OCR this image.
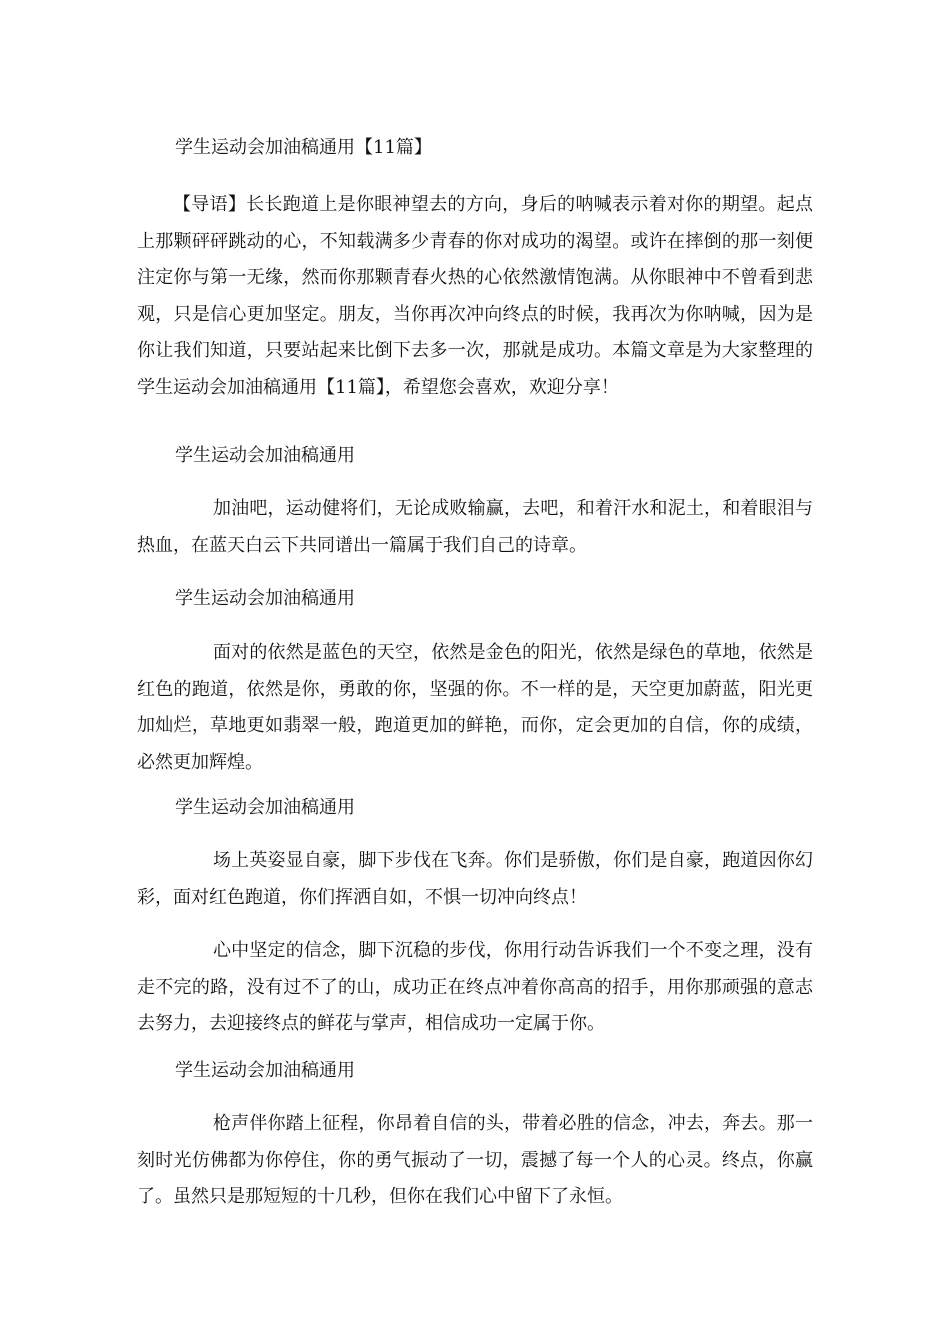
学生运动会加油稿通用【11篇】

【导语】长长跑道上是你眼神望去的方向，身后的呐喊表示着对你的期望。起点上那颗砰砰跳动的心，不知载满多少青春的你对成功的渴望。或许在摔倒的那一刻便注定你与第一无缘，然而你那颗青春火热的心依然激情饱满。从你眼神中不曾看到悲观，只是信心更加坚定。朋友，当你再次冲向终点的时候，我再次为你呐喊，因为是你让我们知道，只要站起来比倒下去多一次，那就是成功。本篇文章是为大家整理的学生运动会加油稿通用【11篇】，希望您会喜欢，欢迎分享！

学生运动会加油稿通用

加油吧，运动健将们，无论成败输赢，去吧，和着汗水和泥土，和着眼泪与热血，在蓝天白云下共同谱出一篇属于我们自己的诗章。

学生运动会加油稿通用

面对的依然是蓝色的天空，依然是金色的阳光，依然是绿色的草地，依然是红色的跑道，依然是你，勇敢的你，坚强的你。不一样的是，天空更加蔚蓝，阳光更加灿烂，草地更如翡翠一般，跑道更加的鲜艳，而你，定会更加的自信，你的成绩，必然更加辉煌。

学生运动会加油稿通用

场上英姿显自豪，脚下步伐在飞奔。你们是骄傲，你们是自豪，跑道因你幻彩，面对红色跑道，你们挥洒自如，不惧一切冲向终点！

心中坚定的信念，脚下沉稳的步伐，你用行动告诉我们一个不变之理，没有走不完的路，没有过不了的山，成功正在终点冲着你高高的招手，用你那顽强的意志去努力，去迎接终点的鲜花与掌声，相信成功一定属于你。

学生运动会加油稿通用

枪声伴你踏上征程，你昂着自信的头，带着必胜的信念，冲去，奔去。那一刻时光仿佛都为你停住，你的勇气振动了一切，震撼了每一个人的心灵。终点，你赢了。虽然只是那短短的十几秒，但你在我们心中留下了永恒。
